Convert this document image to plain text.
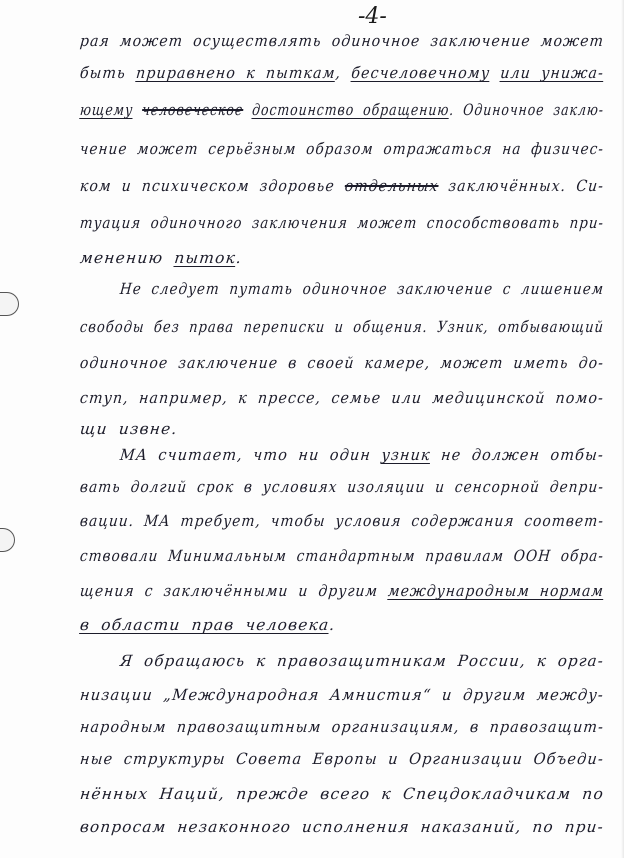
-4-
рая может осуществлять одиночное заключение может
быть приравнено к пыткам, бесчеловечному или унижа-
ющему человеческое достоинство обращению. Одиночное заклю-
чение может серьёзным образом отражаться на физичес-
ком и психическом здоровье отдельных заключённых. Си-
туация одиночного заключения может способствовать при-
менению пыток.
Не следует путать одиночное заключение с лишением
свободы без права переписки и общения. Узник, отбывающий
одиночное заключение в своей камере, может иметь до-
ступ, например, к прессе, семье или медицинской помо-
щи извне.
МА считает, что ни один узник не должен отбы-
вать долгий срок в условиях изоляции и сенсорной депри-
вации. МА требует, чтобы условия содержания соответ-
ствовали Минимальным стандартным правилам ООН обра-
щения с заключёнными и другим международным нормам
в области прав человека.
Я обращаюсь к правозащитникам России, к орга-
низации „Международная Амнистия“ и другим между-
народным правозащитным организациям, в правозащит-
ные структуры Совета Европы и Организации Объеди-
нённых Наций, прежде всего к Спецдокладчикам по
вопросам незаконного исполнения наказаний, по при-
